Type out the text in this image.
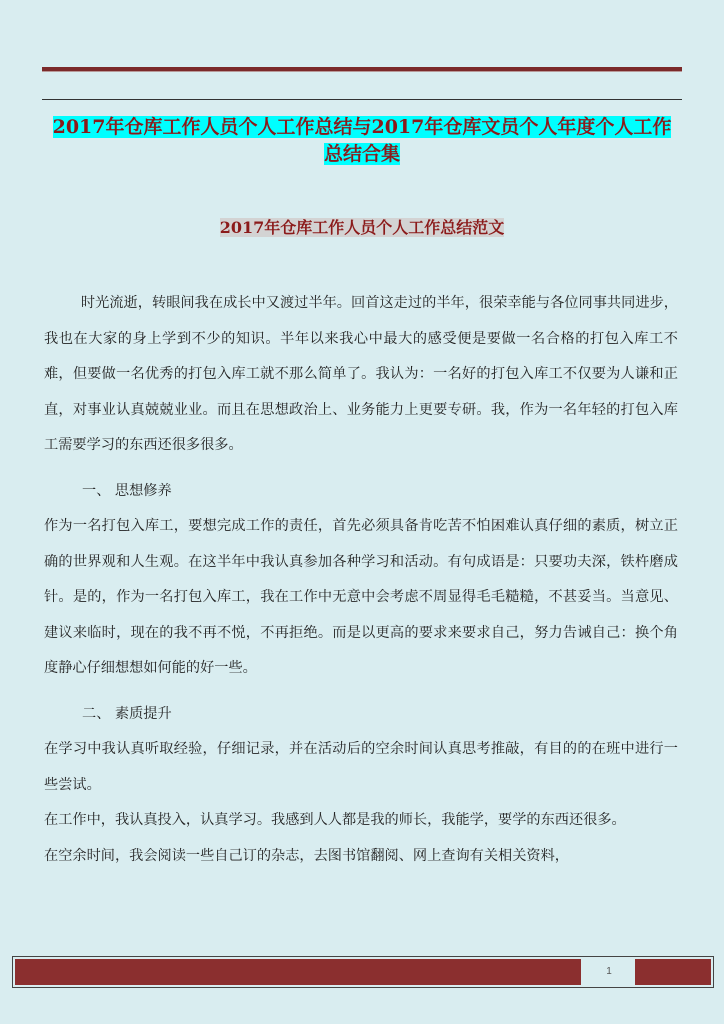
2017年仓库工作人员个人工作总结与2017年仓库文员个人年度个人工作总结合集
2017年仓库工作人员个人工作总结范文

时光流逝，转眼间我在成长中又渡过半年。回首这走过的半年，很荣幸能与各位同事共同进步，我也在大家的身上学到不少的知识。半年以来我心中最大的感受便是要做一名合格的打包入库工不难，但要做一名优秀的打包入库工就不那么简单了。我认为：一名好的打包入库工不仅要为人谦和正直，对事业认真兢兢业业。而且在思想政治上、业务能力上更要专研。我，作为一名年轻的打包入库工需要学习的东西还很多很多。

一、 思想修养

作为一名打包入库工，要想完成工作的责任，首先必须具备肯吃苦不怕困难认真仔细的素质，树立正确的世界观和人生观。在这半年中我认真参加各种学习和活动。有句成语是：只要功夫深，铁杵磨成针。是的，作为一名打包入库工，我在工作中无意中会考虑不周显得毛毛糙糙，不甚妥当。当意见、建议来临时，现在的我不再不悦，不再拒绝。而是以更高的要求来要求自己，努力告诫自己：换个角度静心仔细想想如何能的好一些。

二、 素质提升

在学习中我认真听取经验，仔细记录，并在活动后的空余时间认真思考推敲，有目的的在班中进行一些尝试。

在工作中，我认真投入，认真学习。我感到人人都是我的师长，我能学，要学的东西还很多。

在空余时间，我会阅读一些自己订的杂志，去图书馆翻阅、网上查询有关相关资料，

1
